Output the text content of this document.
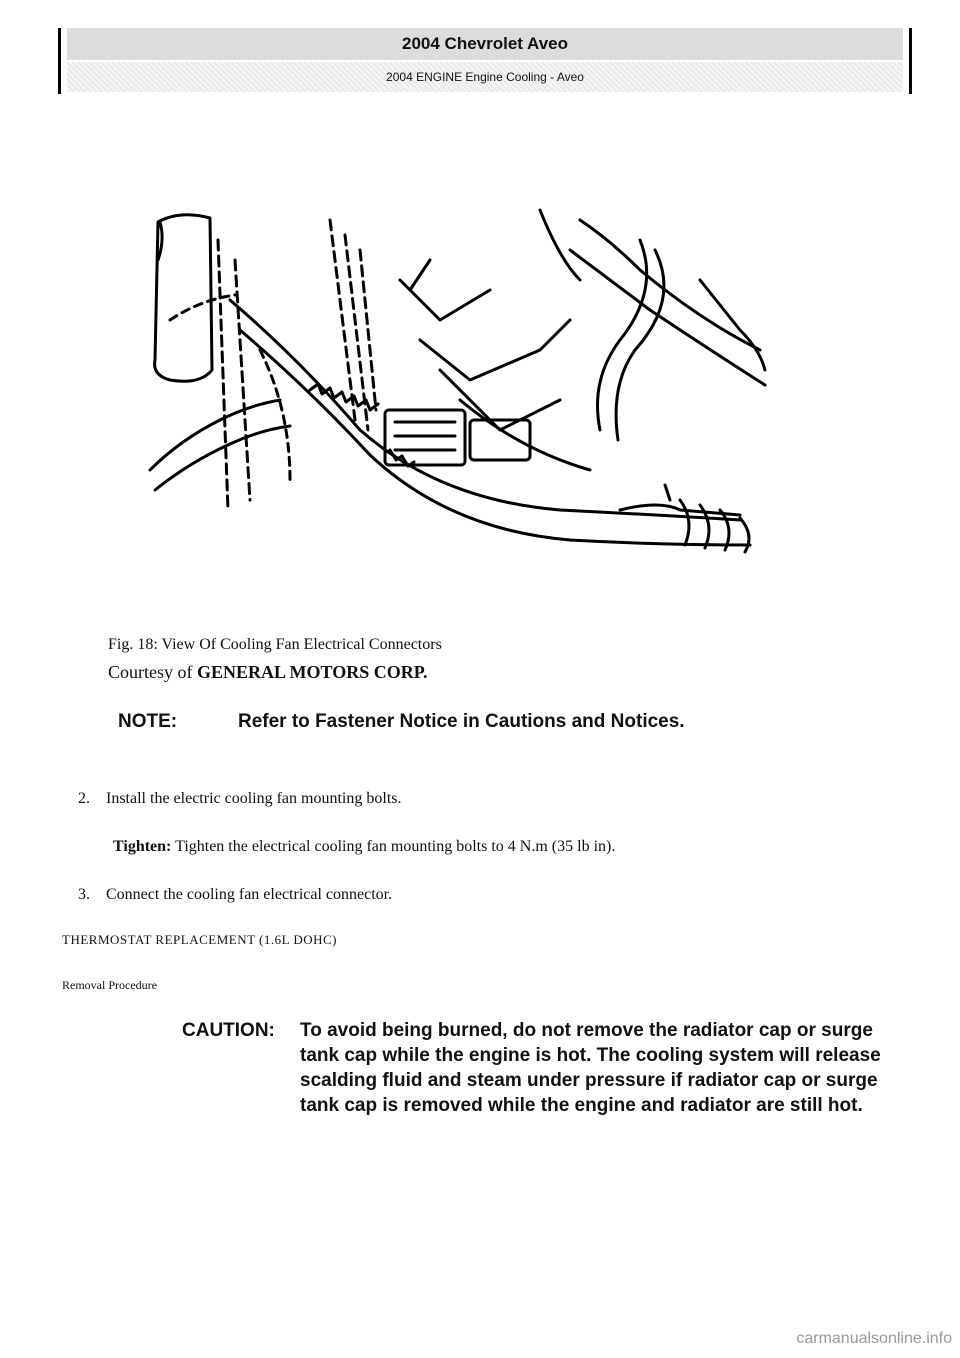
2004 Chevrolet Aveo
2004 ENGINE Engine Cooling - Aveo
Fig. 18: View Of Cooling Fan Electrical Connectors
Courtesy of GENERAL MOTORS CORP.
NOTE:	Refer to Fastener Notice in Cautions and Notices.
2. Install the electric cooling fan mounting bolts.
Tighten: Tighten the electrical cooling fan mounting bolts to 4 N.m (35 lb in).
3. Connect the cooling fan electrical connector.
THERMOSTAT REPLACEMENT (1.6L DOHC)
Removal Procedure
CAUTION: To avoid being burned, do not remove the radiator cap or surge tank cap while the engine is hot. The cooling system will release scalding fluid and steam under pressure if radiator cap or surge tank cap is removed while the engine and radiator are still hot.
carmanualsonline.info
